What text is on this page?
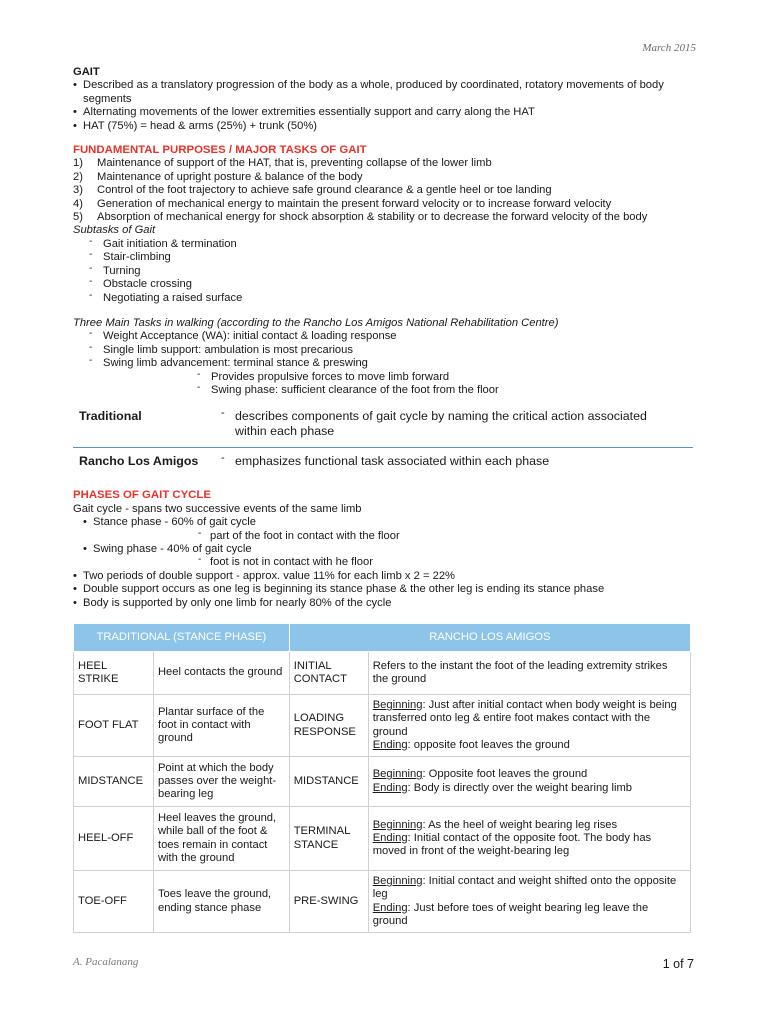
March 2015
GAIT
• Described as a translatory progression of the body as a whole, produced by coordinated, rotatory movements of body segments
• Alternating movements of the lower extremities essentially support and carry along the HAT
• HAT (75%) = head & arms (25%) + trunk (50%)
FUNDAMENTAL PURPOSES / MAJOR TASKS OF GAIT
1) Maintenance of support of the HAT, that is, preventing collapse of the lower limb
2) Maintenance of upright posture & balance of the body
3) Control of the foot trajectory to achieve safe ground clearance & a gentle heel or toe landing
4) Generation of mechanical energy to maintain the present forward velocity or to increase forward velocity
5) Absorption of mechanical energy for shock absorption & stability or to decrease the forward velocity of the body
Subtasks of Gait
- Gait initiation & termination
- Stair-climbing
- Turning
- Obstacle crossing
- Negotiating a raised surface
Three Main Tasks in walking (according to the Rancho Los Amigos National Rehabilitation Centre)
- Weight Acceptance (WA): initial contact & loading response
- Single limb support: ambulation is most precarious
- Swing limb advancement: terminal stance & preswing
- Provides propulsive forces to move limb forward
- Swing phase: sufficient clearance of the foot from the floor
Traditional	- describes components of gait cycle by naming the critical action associated within each phase
Rancho Los Amigos	- emphasizes functional task associated within each phase
PHASES OF GAIT CYCLE
Gait cycle - spans two successive events of the same limb
• Stance phase - 60% of gait cycle
- part of the foot in contact with the floor
• Swing phase - 40% of gait cycle
- foot is not in contact with he floor
• Two periods of double support - approx. value 11% for each limb x 2 = 22%
• Double support occurs as one leg is beginning its stance phase & the other leg is ending its stance phase
• Body is supported by only one limb for nearly 80% of the cycle
TRADITIONAL (STANCE PHASE)		RANCHO LOS AMIGOS	
HEEL STRIKE	Heel contacts the ground	INITIAL CONTACT	Refers to the instant the foot of the leading extremity strikes the ground
FOOT FLAT	Plantar surface of the foot in contact with ground	LOADING RESPONSE	Beginning: Just after initial contact when body weight is being transferred onto leg & entire foot makes contact with the ground
Ending: opposite foot leaves the ground
MIDSTANCE	Point at which the body passes over the weight-bearing leg	MIDSTANCE	Beginning: Opposite foot leaves the ground
Ending: Body is directly over the weight bearing limb
HEEL-OFF	Heel leaves the ground, while ball of the foot & toes remain in contact with the ground	TERMINAL STANCE	Beginning: As the heel of weight bearing leg rises
Ending: Initial contact of the opposite foot. The body has moved in front of the weight-bearing leg
TOE-OFF	Toes leave the ground, ending stance phase	PRE-SWING	Beginning: Initial contact and weight shifted onto the opposite leg
Ending: Just before toes of weight bearing leg leave the ground
A. Pacalanang	1 of 7
